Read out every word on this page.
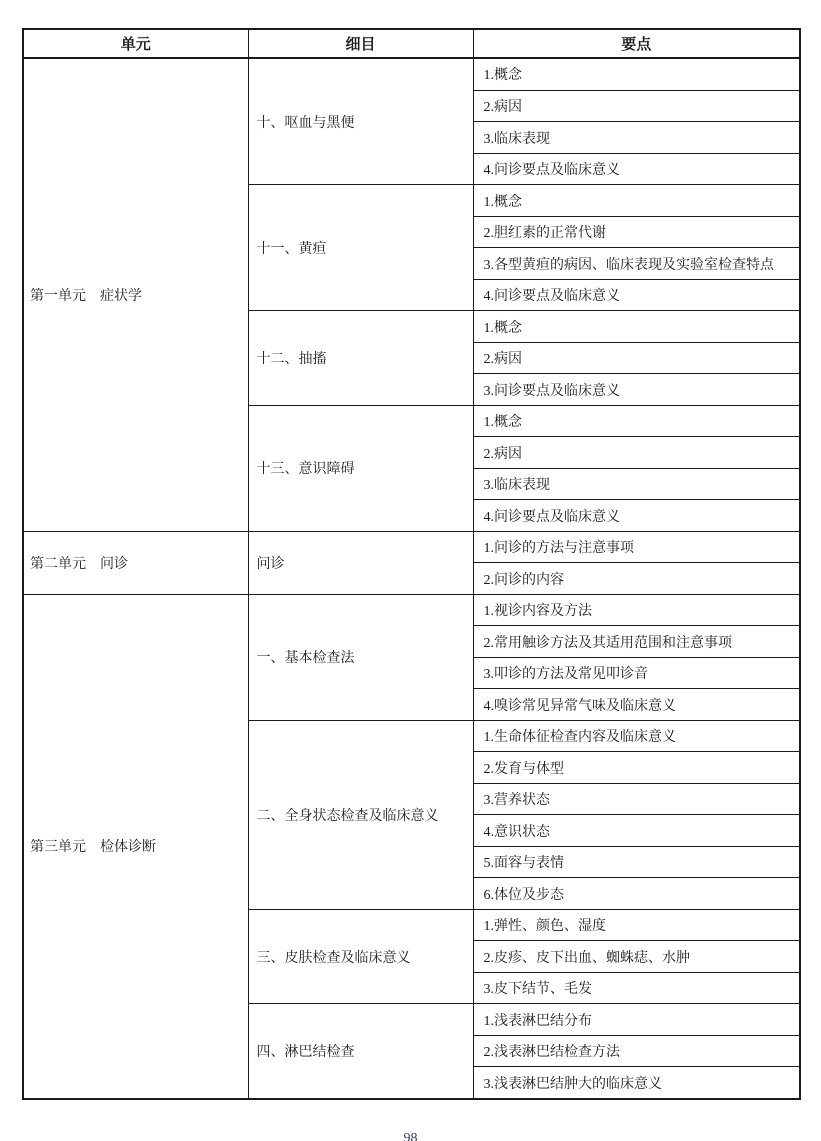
单元	细目	要点
第一单元　症状学	十、呕血与黑便	1.概念
		2.病因
		3.临床表现
		4.问诊要点及临床意义
	十一、黄疸	1.概念
		2.胆红素的正常代谢
		3.各型黄疸的病因、临床表现及实验室检查特点
		4.问诊要点及临床意义
	十二、抽搐	1.概念
		2.病因
		3.问诊要点及临床意义
	十三、意识障碍	1.概念
		2.病因
		3.临床表现
		4.问诊要点及临床意义
第二单元　问诊	问诊	1.问诊的方法与注意事项
		2.问诊的内容
第三单元　检体诊断	一、基本检查法	1.视诊内容及方法
		2.常用触诊方法及其适用范围和注意事项
		3.叩诊的方法及常见叩诊音
		4.嗅诊常见异常气味及临床意义
	二、全身状态检查及临床意义	1.生命体征检查内容及临床意义
		2.发育与体型
		3.营养状态
		4.意识状态
		5.面容与表情
		6.体位及步态
	三、皮肤检查及临床意义	1.弹性、颜色、湿度
		2.皮疹、皮下出血、蜘蛛痣、水肿
		3.皮下结节、毛发
	四、淋巴结检查	1.浅表淋巴结分布
		2.浅表淋巴结检查方法
		3.浅表淋巴结肿大的临床意义
98
